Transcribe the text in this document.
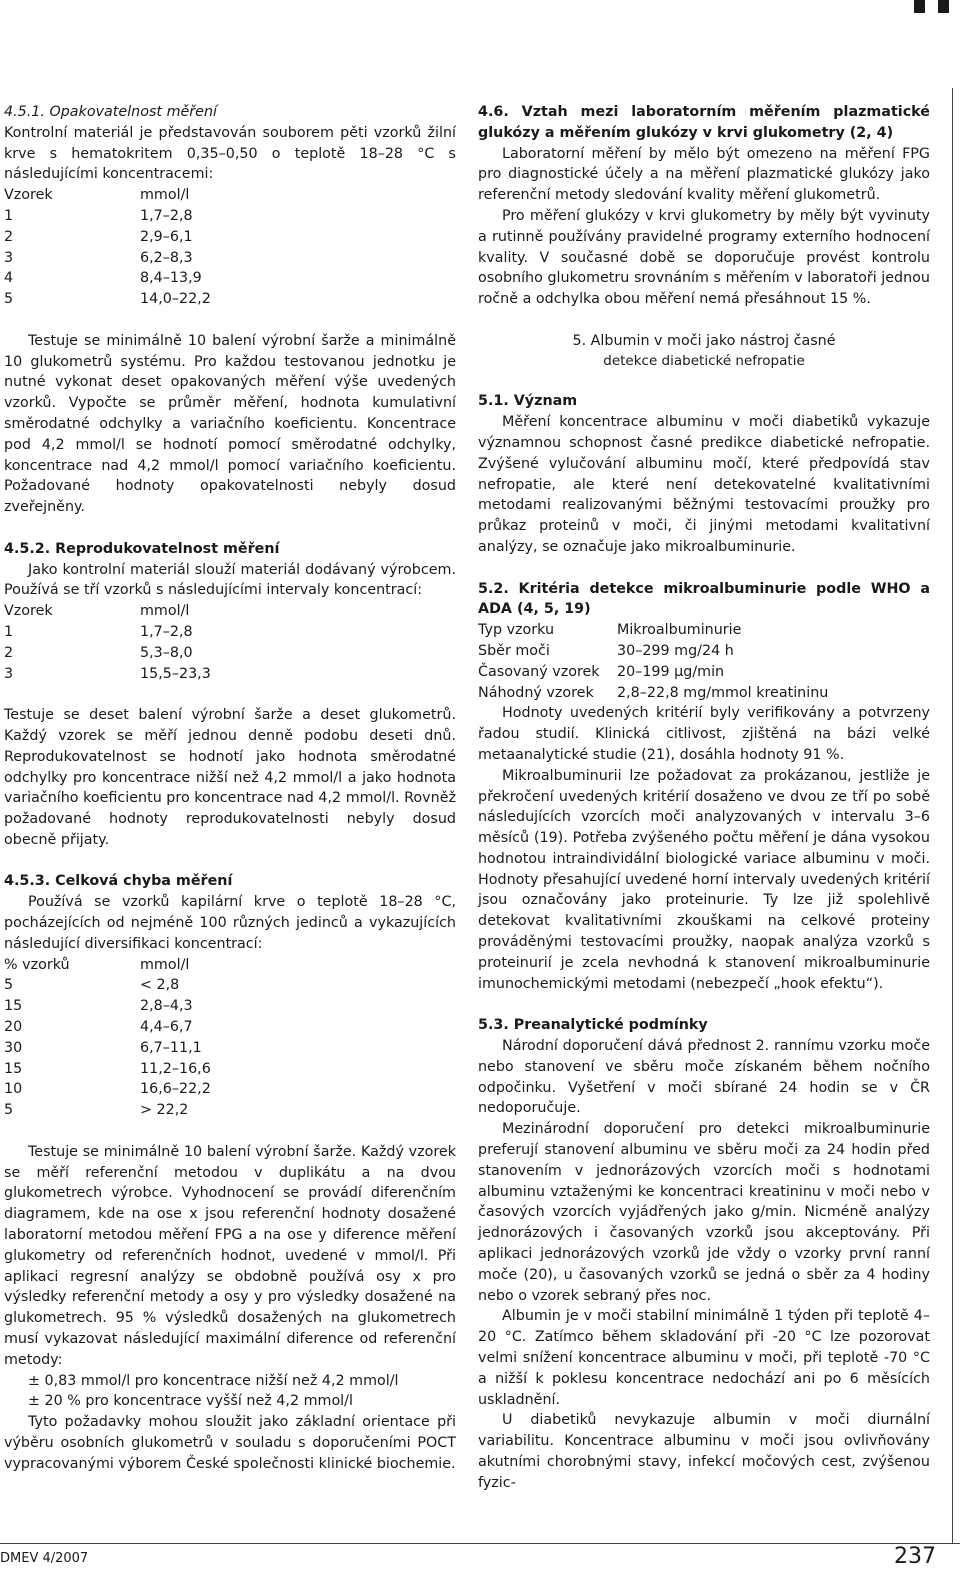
4.5.1. Opakovatelnost měření

Kontrolní materiál je představován souborem pěti vzorků žilní krve s hematokritem 0,35–0,50 o teplotě 18–28 °C s následujícími koncentracemi:

Vzorek	mmol/l
1	1,7–2,8
2	2,9–6,1
3	6,2–8,3
4	8,4–13,9
5	14,0–22,2

Testuje se minimálně 10 balení výrobní šarže a minimálně 10 glukometrů systému. Pro každou testovanou jednotku je nutné vykonat deset opakovaných měření výše uvedených vzorků. Vypočte se průměr měření, hodnota kumulativní směrodatné odchylky a variačního koeficientu. Koncentrace pod 4,2 mmol/l se hodnotí pomocí směrodatné odchylky, koncentrace nad 4,2 mmol/l pomocí variačního koeficientu. Požadované hodnoty opakovatelnosti nebyly dosud zveřejněny.

4.5.2. Reprodukovatelnost měření

Jako kontrolní materiál slouží materiál dodávaný výrobcem. Používá se tří vzorků s následujícími intervaly koncentrací:

Vzorek	mmol/l
1	1,7–2,8
2	5,3–8,0
3	15,5–23,3

Testuje se deset balení výrobní šarže a deset glukometrů. Každý vzorek se měří jednou denně podobu deseti dnů. Reprodukovatelnost se hodnotí jako hodnota směrodatné odchylky pro koncentrace nižší než 4,2 mmol/l a jako hodnota variačního koeficientu pro koncentrace nad 4,2 mmol/l. Rovněž požadované hodnoty reprodukovatelnosti nebyly dosud obecně přijaty.

4.5.3. Celková chyba měření

Používá se vzorků kapilární krve o teplotě 18–28 °C, pocházejících od nejméně 100 různých jedinců a vykazujících následující diversifikaci koncentrací:

% vzorků	mmol/l
5	< 2,8
15	2,8–4,3
20	4,4–6,7
30	6,7–11,1
15	11,2–16,6
10	16,6–22,2
5	> 22,2

Testuje se minimálně 10 balení výrobní šarže. Každý vzorek se měří referenční metodou v duplikátu a na dvou glukometrech výrobce. Vyhodnocení se provádí diferenčním diagramem, kde na ose x jsou referenční hodnoty dosažené laboratorní metodou měření FPG a na ose y diference měření glukometry od referenčních hodnot, uvedené v mmol/l. Při aplikaci regresní analýzy se obdobně používá osy x pro výsledky referenční metody a osy y pro výsledky dosažené na glukometrech. 95 % výsledků dosažených na glukometrech musí vykazovat následující maximální diference od referenční metody:

± 0,83 mmol/l pro koncentrace nižší než 4,2 mmol/l

± 20 % pro koncentrace vyšší než 4,2 mmol/l

Tyto požadavky mohou sloužit jako základní orientace při výběru osobních glukometrů v souladu s doporučeními POCT vypracovanými výborem České společnosti klinické biochemie.

4.6. Vztah mezi laboratorním měřením plazmatické glukózy a měřením glukózy v krvi glukometry (2, 4)

Laboratorní měření by mělo být omezeno na měření FPG pro diagnostické účely a na měření plazmatické glukózy jako referenční metody sledování kvality měření glukometrů.

Pro měření glukózy v krvi glukometry by měly být vyvinuty a rutinně používány pravidelné programy externího hodnocení kvality. V současné době se doporučuje provést kontrolu osobního glukometru srovnáním s měřením v laboratoři jednou ročně a odchylka obou měření nemá přesáhnout 15 %.

5. Albumin v moči jako nástroj časné

detekce diabetické nefropatie

5.1. Význam

Měření koncentrace albuminu v moči diabetiků vykazuje významnou schopnost časné predikce diabetické nefropatie. Zvýšené vylučování albuminu močí, které předpovídá stav nefropatie, ale které není detekovatelné kvalitativními metodami realizovanými běžnými testovacími proužky pro průkaz proteinů v moči, či jinými metodami kvalitativní analýzy, se označuje jako mikroalbuminurie.

5.2. Kritéria detekce mikroalbuminurie podle WHO a ADA (4, 5, 19)

Typ vzorku	Mikroalbuminurie
Sběr moči	30–299 mg/24 h
Časovaný vzorek	20–199 µg/min
Náhodný vzorek	2,8–22,8 mg/mmol kreatininu

Hodnoty uvedených kritérií byly verifikovány a potvrzeny řadou studií. Klinická citlivost, zjištěná na bázi velké metaanalytické studie (21), dosáhla hodnoty 91 %.

Mikroalbuminurii lze požadovat za prokázanou, jestliže je překročení uvedených kritérií dosaženo ve dvou ze tří po sobě následujících vzorcích moči analyzovaných v intervalu 3–6 měsíců (19). Potřeba zvýšeného počtu měření je dána vysokou hodnotou intraindividální biologické variace albuminu v moči. Hodnoty přesahující uvedené horní intervaly uvedených kritérií jsou označovány jako proteinurie. Ty lze již spolehlivě detekovat kvalitativními zkouškami na celkové proteiny prováděnými testovacími proužky, naopak analýza vzorků s proteinurií je zcela nevhodná k stanovení mikroalbuminurie imunochemickými metodami (nebezpečí „hook efektu“).

5.3. Preanalytické podmínky

Národní doporučení dává přednost 2. rannímu vzorku moče nebo stanovení ve sběru moče získaném během nočního odpočinku. Vyšetření v moči sbírané 24 hodin se v ČR nedoporučuje.

Mezinárodní doporučení pro detekci mikroalbuminurie preferují stanovení albuminu ve sběru moči za 24 hodin před stanovením v jednorázových vzorcích moči s hodnotami albuminu vztaženými ke koncentraci kreatininu v moči nebo v časových vzorcích vyjádřených jako g/min. Nicméně analýzy jednorázových i časovaných vzorků jsou akceptovány. Při aplikaci jednorázových vzorků jde vždy o vzorky první ranní moče (20), u časovaných vzorků se jedná o sběr za 4 hodiny nebo o vzorek sebraný přes noc.

Albumin je v moči stabilní minimálně 1 týden při teplotě 4–20 °C. Zatímco během skladování při -20 °C lze pozorovat velmi snížení koncentrace albuminu v moči, při teplotě -70 °C a nižší k poklesu koncentrace nedochází ani po 6 měsících uskladnění.

U diabetiků nevykazuje albumin v moči diurnální variabilitu. Koncentrace albuminu v moči jsou ovlivňovány akutními chorobnými stavy, infekcí močových cest, zvýšenou fyzic-

DMEV 4/2007	237
